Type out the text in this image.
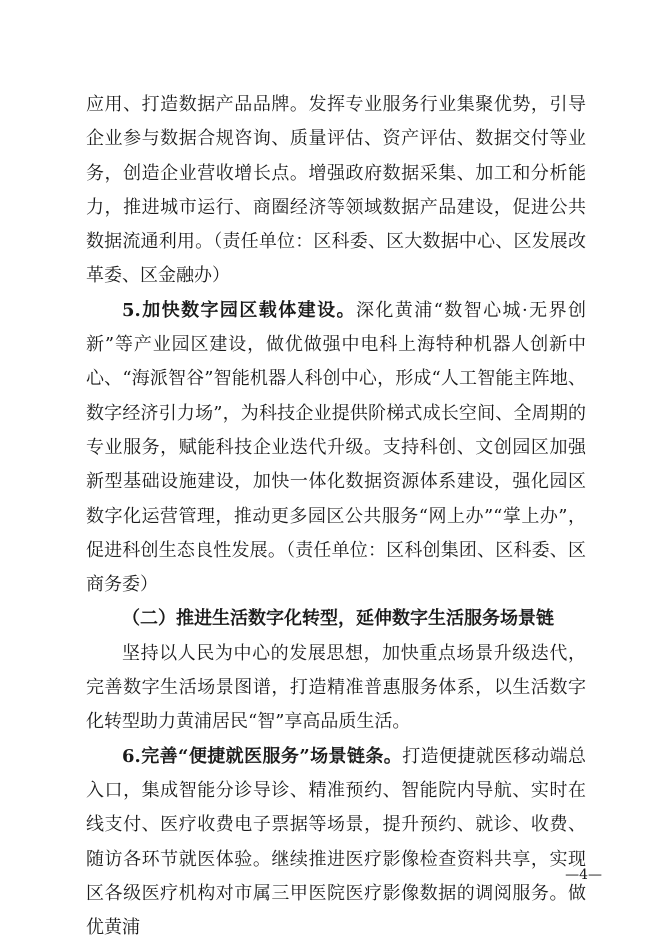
应用、打造数据产品品牌。发挥专业服务行业集聚优势，引导企业参与数据合规咨询、质量评估、资产评估、数据交付等业务，创造企业营收增长点。增强政府数据采集、加工和分析能力，推进城市运行、商圈经济等领域数据产品建设，促进公共数据流通利用。（责任单位：区科委、区大数据中心、区发展改革委、区金融办）

5.加快数字园区载体建设。深化黄浦“数智心城·无界创新”等产业园区建设，做优做强中电科上海特种机器人创新中心、“海派智谷”智能机器人科创中心，形成“人工智能主阵地、数字经济引力场”，为科技企业提供阶梯式成长空间、全周期的专业服务，赋能科技企业迭代升级。支持科创、文创园区加强新型基础设施建设，加快一体化数据资源体系建设，强化园区数字化运营管理，推动更多园区公共服务“网上办”“掌上办”，促进科创生态良性发展。（责任单位：区科创集团、区科委、区商务委）

（二）推进生活数字化转型，延伸数字生活服务场景链

坚持以人民为中心的发展思想，加快重点场景升级迭代，完善数字生活场景图谱，打造精准普惠服务体系，以生活数字化转型助力黄浦居民“智”享高品质生活。

6.完善“便捷就医服务”场景链条。打造便捷就医移动端总入口，集成智能分诊导诊、精准预约、智能院内导航、实时在线支付、医疗收费电子票据等场景，提升预约、就诊、收费、随访各环节就医体验。继续推进医疗影像检查资料共享，实现区各级医疗机构对市属三甲医院医疗影像数据的调阅服务。做优黄浦

—4—
